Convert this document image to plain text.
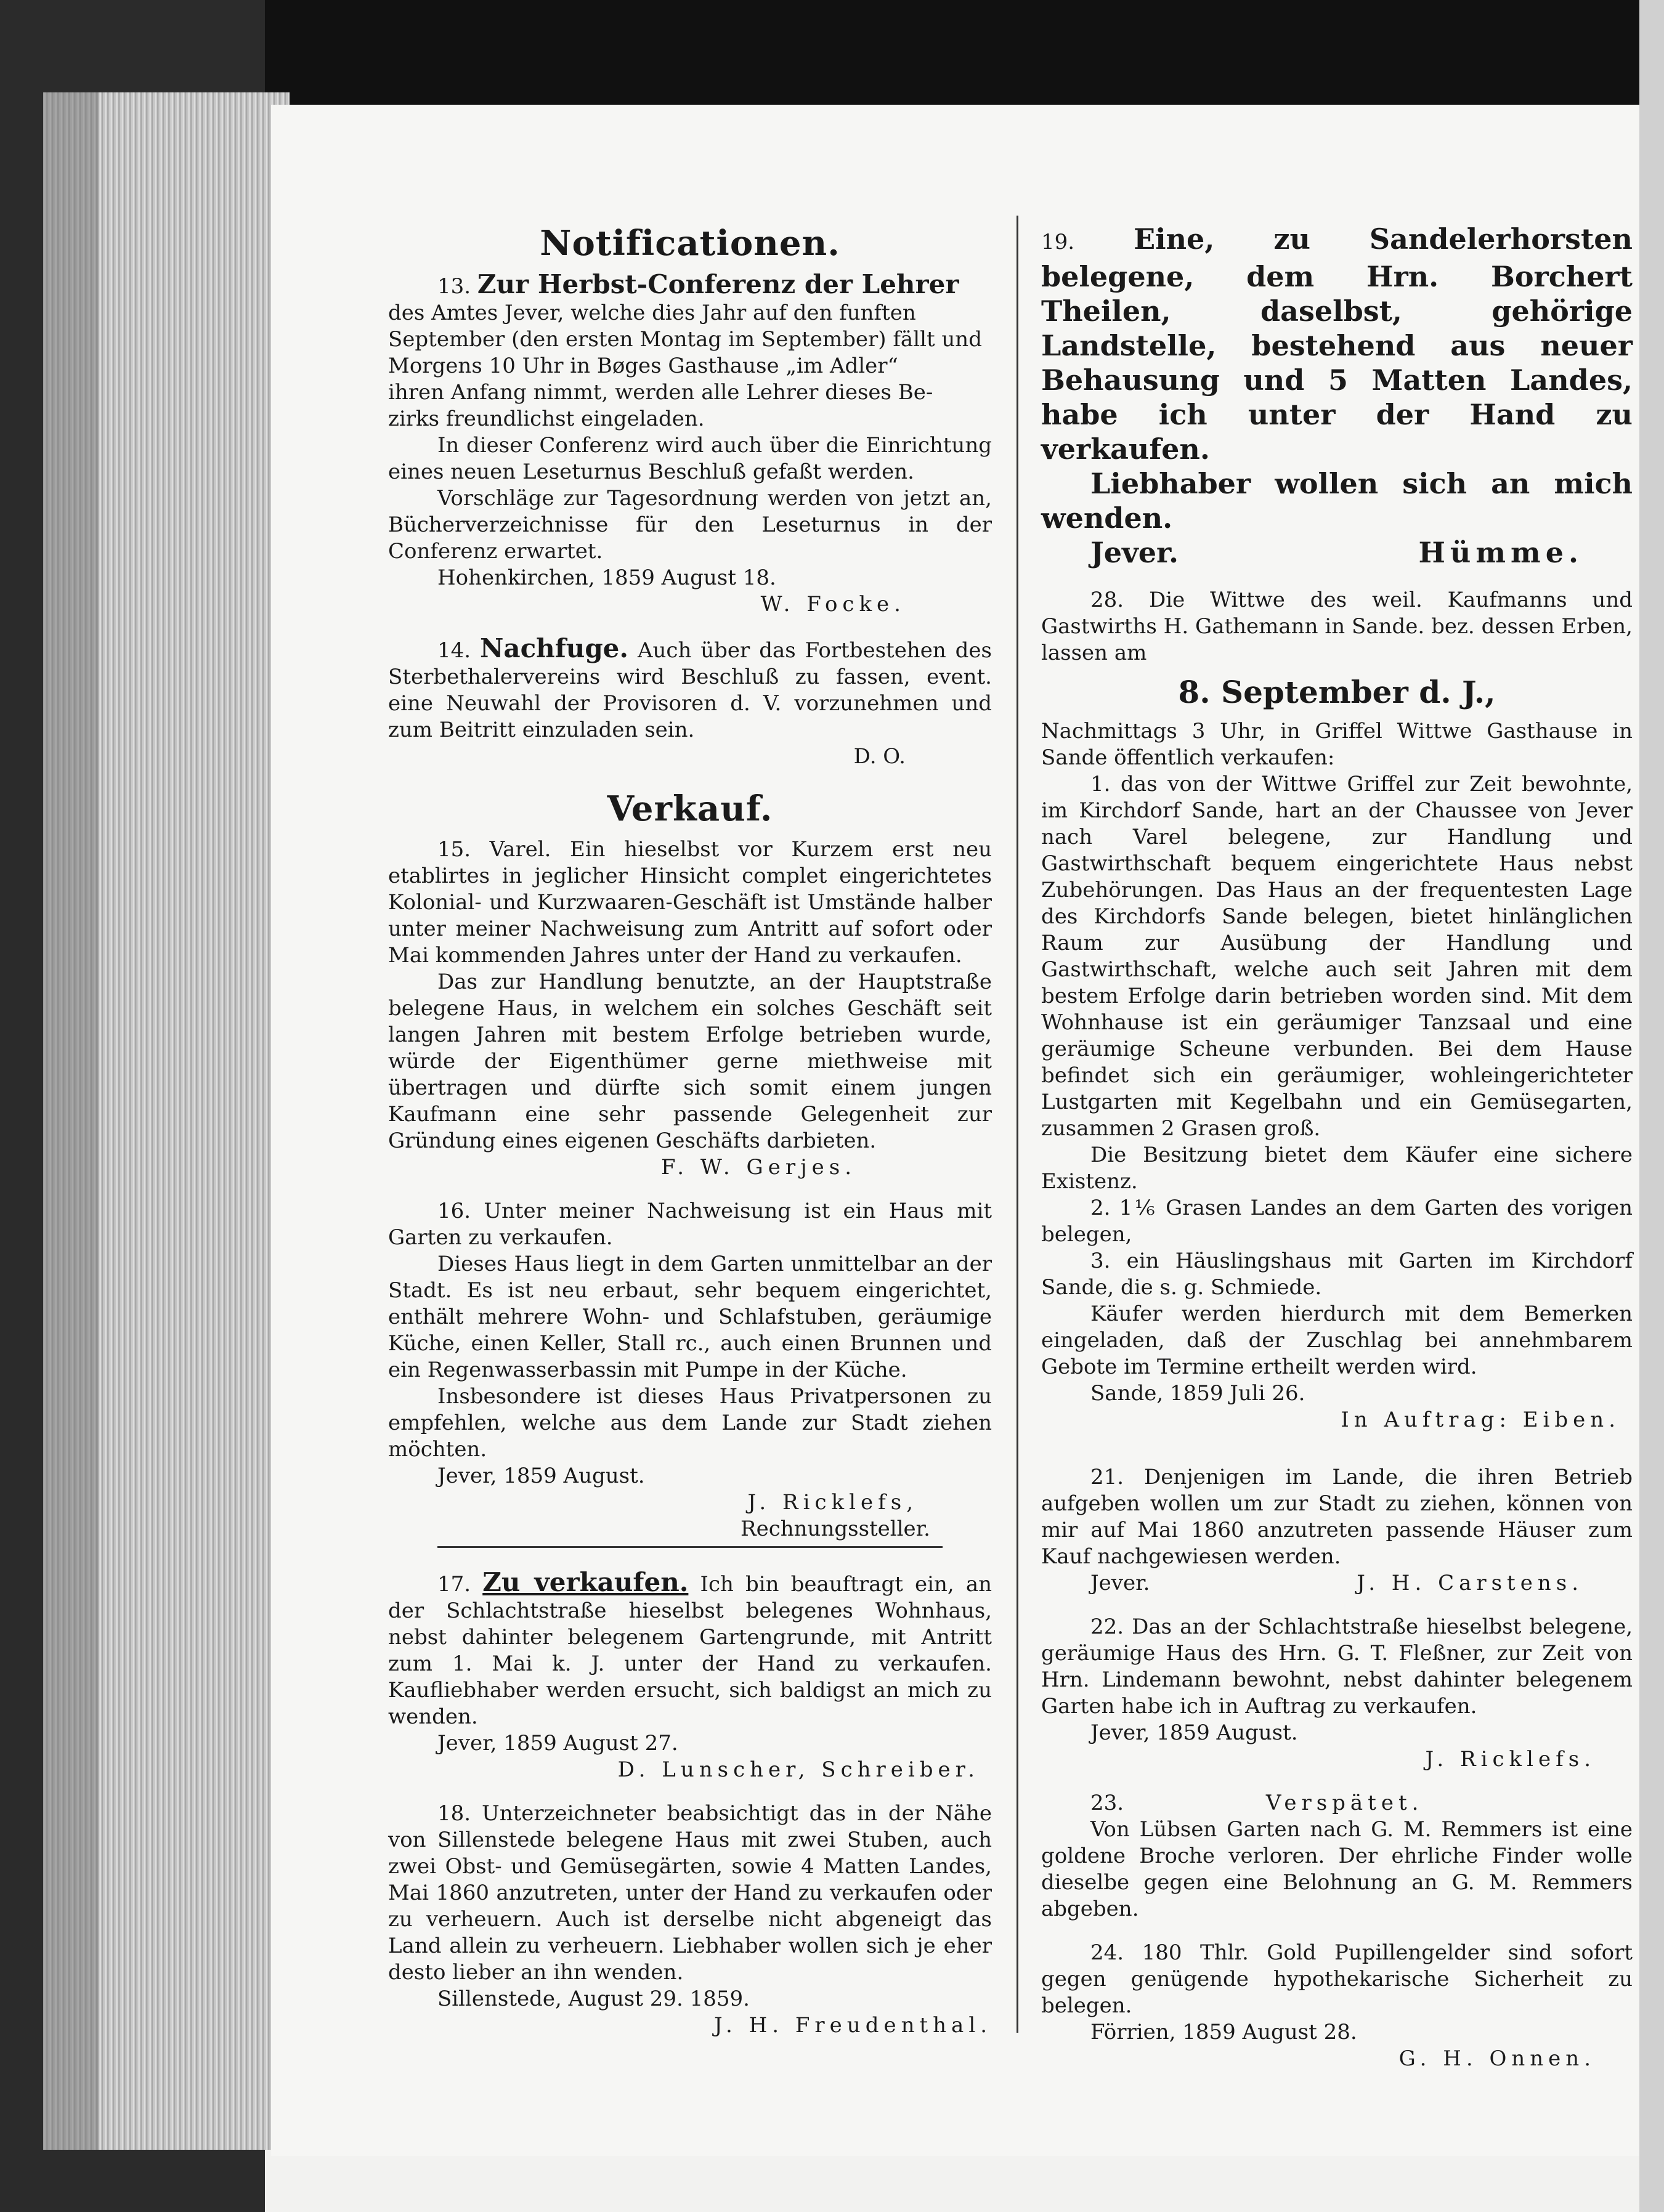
Notificationen.

13. Zur Herbst-Conferenz der Lehrer

des Amtes Jever, welche dies Jahr auf den funften

September (den ersten Montag im September) fällt und

Morgens 10 Uhr in Bøges Gasthause „im Adler“

ihren Anfang nimmt, werden alle Lehrer dieses Be-

zirks freundlichst eingeladen.

In dieser Conferenz wird auch über die Einrichtung eines neuen Leseturnus Beschluß gefaßt werden.

Vorschläge zur Tagesordnung werden von jetzt an, Bücherverzeichnisse für den Leseturnus in der Conferenz erwartet.

Hohenkirchen, 1859 August 18.

W. Focke.

14. Nachfuge. Auch über das Fortbestehen des Sterbethalervereins wird Beschluß zu fassen, event. eine Neuwahl der Provisoren d. V. vorzunehmen und zum Beitritt einzuladen sein.

D. O.

Verkauf.

15. Varel. Ein hieselbst vor Kurzem erst neu etablirtes in jeglicher Hinsicht complet eingerichtetes Kolonial- und Kurzwaaren-Geschäft ist Umstände halber unter meiner Nachweisung zum Antritt auf sofort oder Mai kommenden Jahres unter der Hand zu verkaufen.

Das zur Handlung benutzte, an der Hauptstraße belegene Haus, in welchem ein solches Geschäft seit langen Jahren mit bestem Erfolge betrieben wurde, würde der Eigenthümer gerne miethweise mit übertragen und dürfte sich somit einem jungen Kaufmann eine sehr passende Gelegenheit zur Gründung eines eigenen Geschäfts darbieten.

F. W. Gerjes.

16. Unter meiner Nachweisung ist ein Haus mit Garten zu verkaufen.

Dieses Haus liegt in dem Garten unmittelbar an der Stadt. Es ist neu erbaut, sehr bequem eingerichtet, enthält mehrere Wohn- und Schlafstuben, geräumige Küche, einen Keller, Stall rc., auch einen Brunnen und ein Regenwasserbassin mit Pumpe in der Küche.

Insbesondere ist dieses Haus Privatpersonen zu empfehlen, welche aus dem Lande zur Stadt ziehen möchten.

Jever, 1859 August.

J. Ricklefs,

Rechnungssteller.

17. Zu verkaufen. Ich bin beauftragt ein, an der Schlachtstraße hieselbst belegenes Wohnhaus, nebst dahinter belegenem Gartengrunde, mit Antritt zum 1. Mai k. J. unter der Hand zu verkaufen. Kaufliebhaber werden ersucht, sich baldigst an mich zu wenden.

Jever, 1859 August 27.

D. Lunscher, Schreiber.

18. Unterzeichneter beabsichtigt das in der Nähe von Sillenstede belegene Haus mit zwei Stuben, auch zwei Obst- und Gemüsegärten, sowie 4 Matten Landes, Mai 1860 anzutreten, unter der Hand zu verkaufen oder zu verheuern. Auch ist derselbe nicht abgeneigt das Land allein zu verheuern. Liebhaber wollen sich je eher desto lieber an ihn wenden.

Sillenstede, August 29. 1859.

J. H. Freudenthal.

19. Eine, zu Sandelerhorsten belegene, dem Hrn. Borchert Theilen, daselbst, gehörige Landstelle, bestehend aus neuer Behausung und 5 Matten Landes, habe ich unter der Hand zu verkaufen.

Liebhaber wollen sich an mich wenden.

Jever.	Hümme.

28. Die Wittwe des weil. Kaufmanns und Gastwirths H. Gathemann in Sande. bez. dessen Erben, lassen am

8. September d. J.,

Nachmittags 3 Uhr, in Griffel Wittwe Gasthause in Sande öffentlich verkaufen:

1. das von der Wittwe Griffel zur Zeit bewohnte, im Kirchdorf Sande, hart an der Chaussee von Jever nach Varel belegene, zur Handlung und Gastwirthschaft bequem eingerichtete Haus nebst Zubehörungen. Das Haus an der frequentesten Lage des Kirchdorfs Sande belegen, bietet hinlänglichen Raum zur Ausübung der Handlung und Gastwirthschaft, welche auch seit Jahren mit dem bestem Erfolge darin betrieben worden sind. Mit dem Wohnhause ist ein geräumiger Tanzsaal und eine geräumige Scheune verbunden. Bei dem Hause befindet sich ein geräumiger, wohleingerichteter Lustgarten mit Kegelbahn und ein Gemüsegarten, zusammen 2 Grasen groß.

Die Besitzung bietet dem Käufer eine sichere Existenz.

2. 1⅙ Grasen Landes an dem Garten des vorigen belegen,

3. ein Häuslingshaus mit Garten im Kirchdorf Sande, die s. g. Schmiede.

Käufer werden hierdurch mit dem Bemerken eingeladen, daß der Zuschlag bei annehmbarem Gebote im Termine ertheilt werden wird.

Sande, 1859 Juli 26.

In Auftrag: Eiben.

21. Denjenigen im Lande, die ihren Betrieb aufgeben wollen um zur Stadt zu ziehen, können von mir auf Mai 1860 anzutreten passende Häuser zum Kauf nachgewiesen werden.

Jever.	J. H. Carstens.

22. Das an der Schlachtstraße hieselbst belegene, geräumige Haus des Hrn. G. T. Fleßner, zur Zeit von Hrn. Lindemann bewohnt, nebst dahinter belegenem Garten habe ich in Auftrag zu verkaufen.

Jever, 1859 August.

J. Ricklefs.

23.	Verspätet.

Von Lübsen Garten nach G. M. Remmers ist eine goldene Broche verloren. Der ehrliche Finder wolle dieselbe gegen eine Belohnung an G. M. Remmers abgeben.

24. 180 Thlr. Gold Pupillengelder sind sofort gegen genügende hypothekarische Sicherheit zu belegen.

Förrien, 1859 August 28.

G. H. Onnen.
